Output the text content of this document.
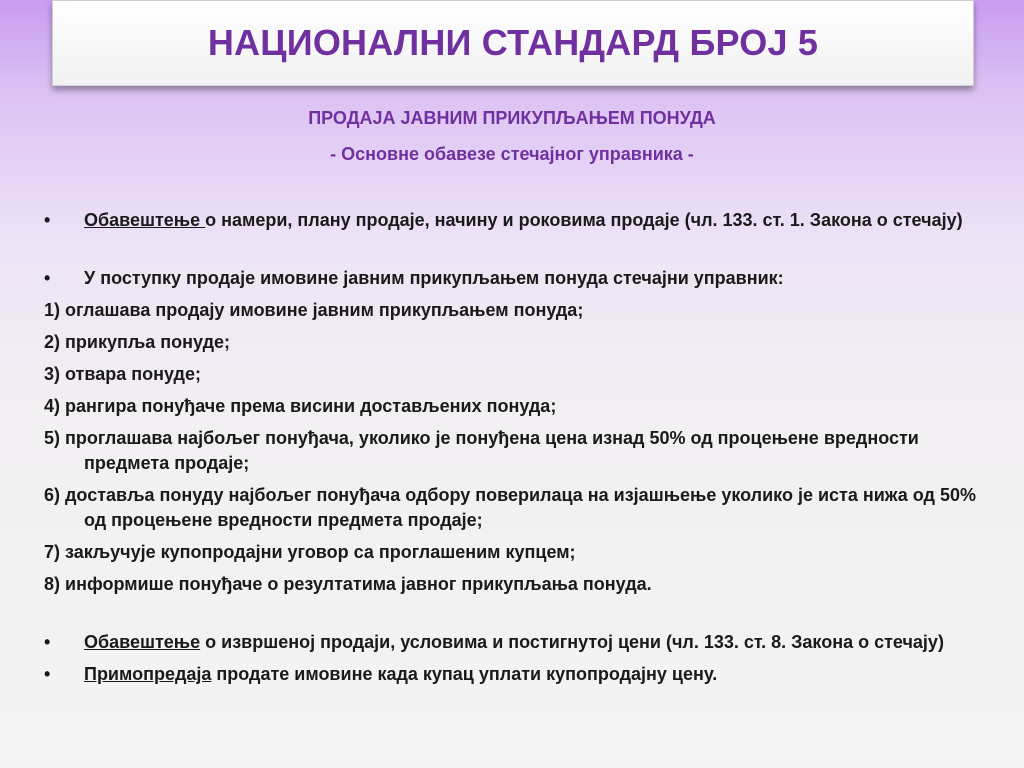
НАЦИОНАЛНИ СТАНДАРД БРОЈ 5
ПРОДАЈА ЈАВНИМ ПРИКУПЉАЊЕМ ПОНУДА
- Основне обавезе стечајног управника -
• Обавештење о намери, плану продаје, начину и роковима продаје (чл. 133. ст. 1. Закона о стечају)
• У поступку продаје имовине јавним прикупљањем понуда стечајни управник:
1) оглашава продају имовине јавним прикупљањем понуда;
2) прикупља понуде;
3) отвара понуде;
4) рангира понуђаче према висини достављених понуда;
5) проглашава најбољег понуђача, уколико је понуђена цена изнад 50% од процењене вредности предмета продаје;
6) доставља понуду најбољег понуђача одбору поверилаца на изјашњење уколико је иста нижа од 50% од процењене вредности предмета продаје;
7) закључује купопродајни уговор са проглашеним купцем;
8) информише понуђаче о резултатима јавног прикупљања понуда.
• Обавештење о извршеној продаји, условима и постигнутој цени (чл. 133. ст. 8. Закона о стечају)
• Примопредаја продате имовине када купац уплати купопродајну цену.
